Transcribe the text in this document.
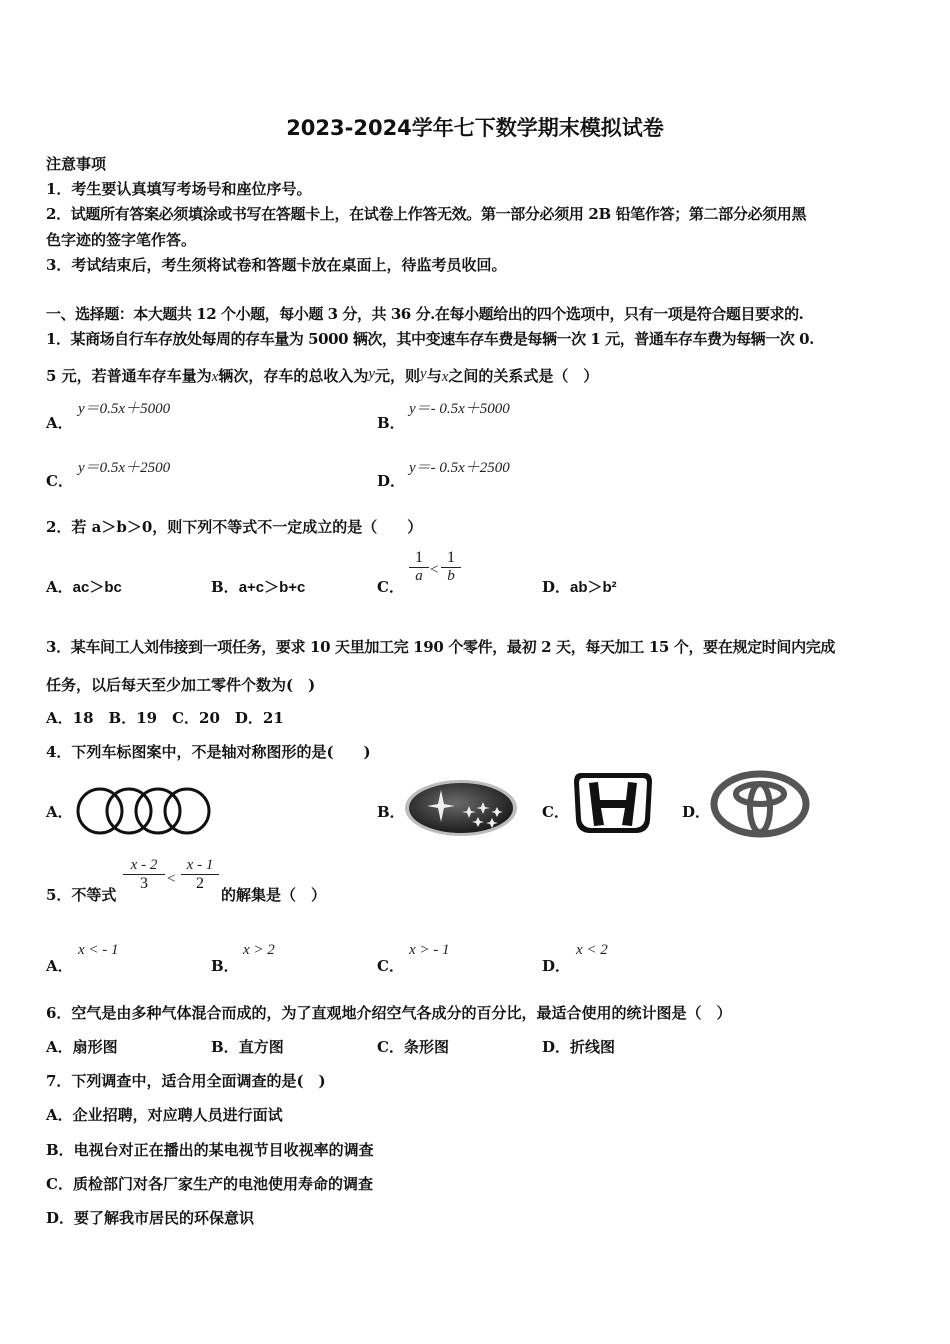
2023-2024学年七下数学期末模拟试卷
注意事项
1．考生要认真填写考场号和座位序号。
2．试题所有答案必须填涂或书写在答题卡上，在试卷上作答无效。第一部分必须用 2B 铅笔作答；第二部分必须用黑
色字迹的签字笔作答。
3．考试结束后，考生须将试卷和答题卡放在桌面上，待监考员收回。
一、选择题：本大题共 12 个小题，每小题 3 分，共 36 分.在每小题给出的四个选项中，只有一项是符合题目要求的.
1．某商场自行车存放处每周的存车量为 5000 辆次，其中变速车存车费是每辆一次 1 元，普通车存车费为每辆一次 0.
5 元，若普通车存车量为x辆次，存车的总收入为y元，则y与x之间的关系式是（　）
A．
y＝0.5x＋5000
B．
y＝- 0.5x＋5000
C．
y＝0.5x＋2500
D．
y＝- 0.5x＋2500
2．若 a＞b＞0，则下列不等式不一定成立的是（　　）
A．ac＞bc	B．a+c＞b+c	C．
1
a <
1
b
D．ab＞b²
3．某车间工人刘伟接到一项任务，要求 10 天里加工完 190 个零件，最初 2 天，每天加工 15 个，要在规定时间内完成
任务，以后每天至少加工零件个数为(　)
A．18　B．19　C．20　D．21
4．下列车标图案中，不是轴对称图形的是(　　)
A．	B．	C．	D．
5．不等式
x - 2
3	<
x - 1
2
的解集是（　）
A．
x < - 1
B．
x > 2
C．
x > - 1
D．
x < 2
6．空气是由多种气体混合而成的，为了直观地介绍空气各成分的百分比，最适合使用的统计图是（　）
A．扇形图	B．直方图	C．条形图	D．折线图
7．下列调查中，适合用全面调查的是(　)
A．企业招聘，对应聘人员进行面试
B．电视台对正在播出的某电视节目收视率的调查
C．质检部门对各厂家生产的电池使用寿命的调查
D．要了解我市居民的环保意识
